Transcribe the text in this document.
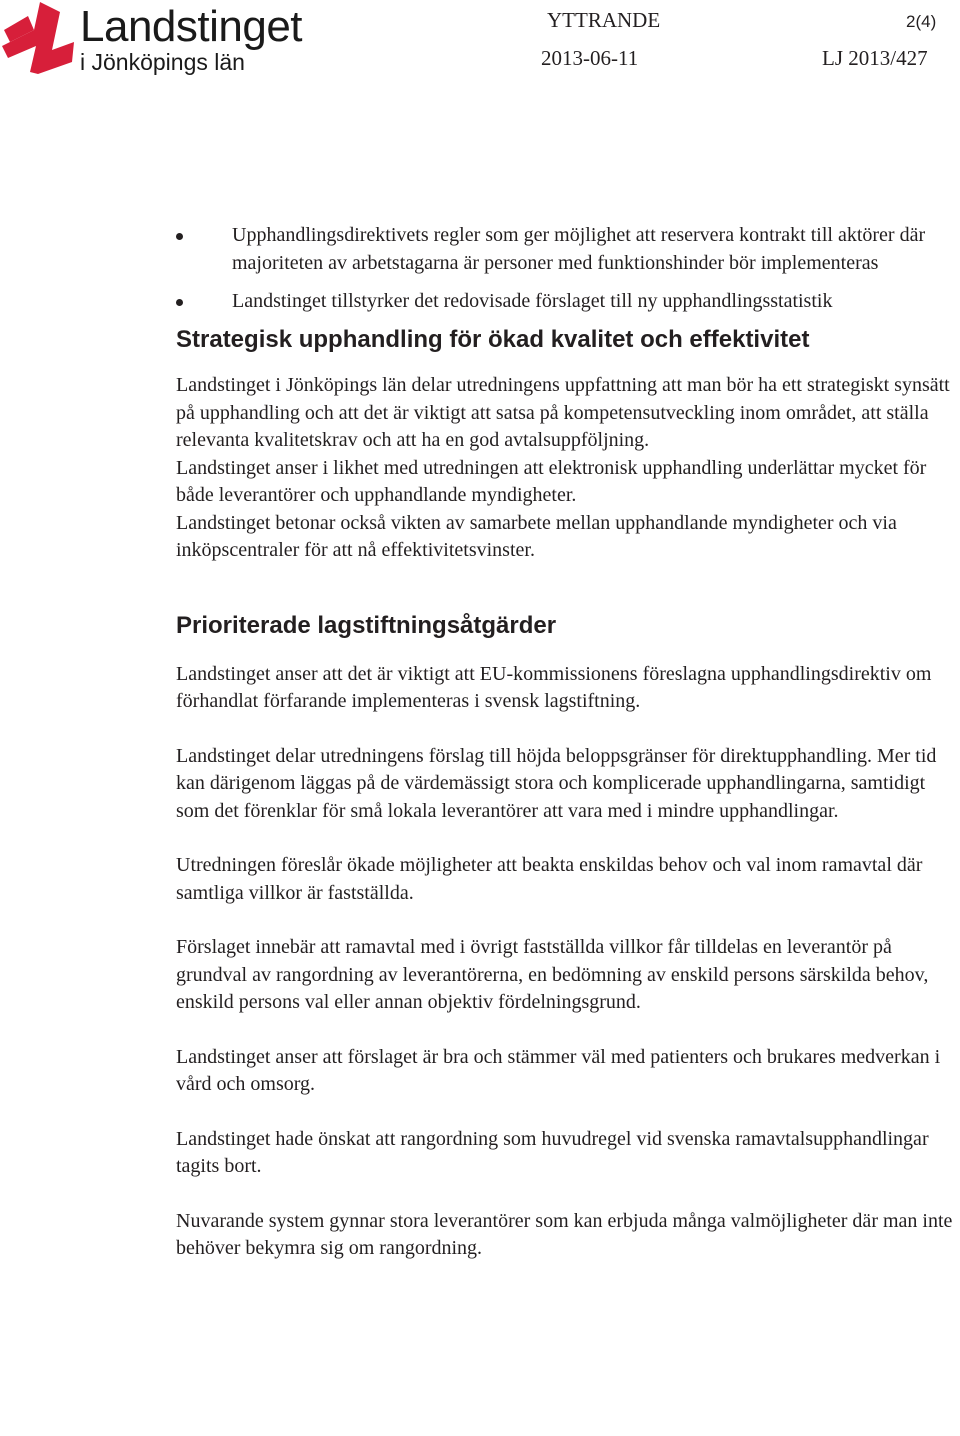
Landstinget
i Jönköpings län
YTTRANDE	2(4)
2013-06-11	LJ 2013/427
Upphandlingsdirektivets regler som ger möjlighet att reservera kontrakt till aktörer där majoriteten av arbetstagarna är personer med funktionshinder bör implementeras
Landstinget tillstyrker det redovisade förslaget till ny upphandlingsstatistik
Strategisk upphandling för ökad kvalitet och effektivitet

Landstinget i Jönköpings län delar utredningens uppfattning att man bör ha ett strategiskt synsätt på upphandling och att det är viktigt att satsa på kompetensutveckling inom området, att ställa relevanta kvalitetskrav och att ha en god avtalsuppföljning.

Landstinget anser i likhet med utredningen att elektronisk upphandling underlättar mycket för både leverantörer och upphandlande myndigheter.

Landstinget betonar också vikten av samarbete mellan upphandlande myndigheter och via inköpscentraler för att nå effektivitetsvinster.

Prioriterade lagstiftningsåtgärder

Landstinget anser att det är viktigt att EU-kommissionens föreslagna upphandlingsdirektiv om förhandlat förfarande implementeras i svensk lagstiftning.

Landstinget delar utredningens förslag till höjda beloppsgränser för direktupphandling. Mer tid kan därigenom läggas på de värdemässigt stora och komplicerade upphandlingarna, samtidigt som det förenklar för små lokala leverantörer att vara med i mindre upphandlingar.

Utredningen föreslår ökade möjligheter att beakta enskildas behov och val inom ramavtal där samtliga villkor är fastställda.

Förslaget innebär att ramavtal med i övrigt fastställda villkor får tilldelas en leverantör på grundval av rangordning av leverantörerna, en bedömning av enskild persons särskilda behov, enskild persons val eller annan objektiv fördelningsgrund.

Landstinget anser att förslaget är bra och stämmer väl med patienters och brukares medverkan i vård och omsorg.

Landstinget hade önskat att rangordning som huvudregel vid svenska ramavtalsupphandlingar tagits bort.

Nuvarande system gynnar stora leverantörer som kan erbjuda många valmöjligheter där man inte behöver bekymra sig om rangordning.
